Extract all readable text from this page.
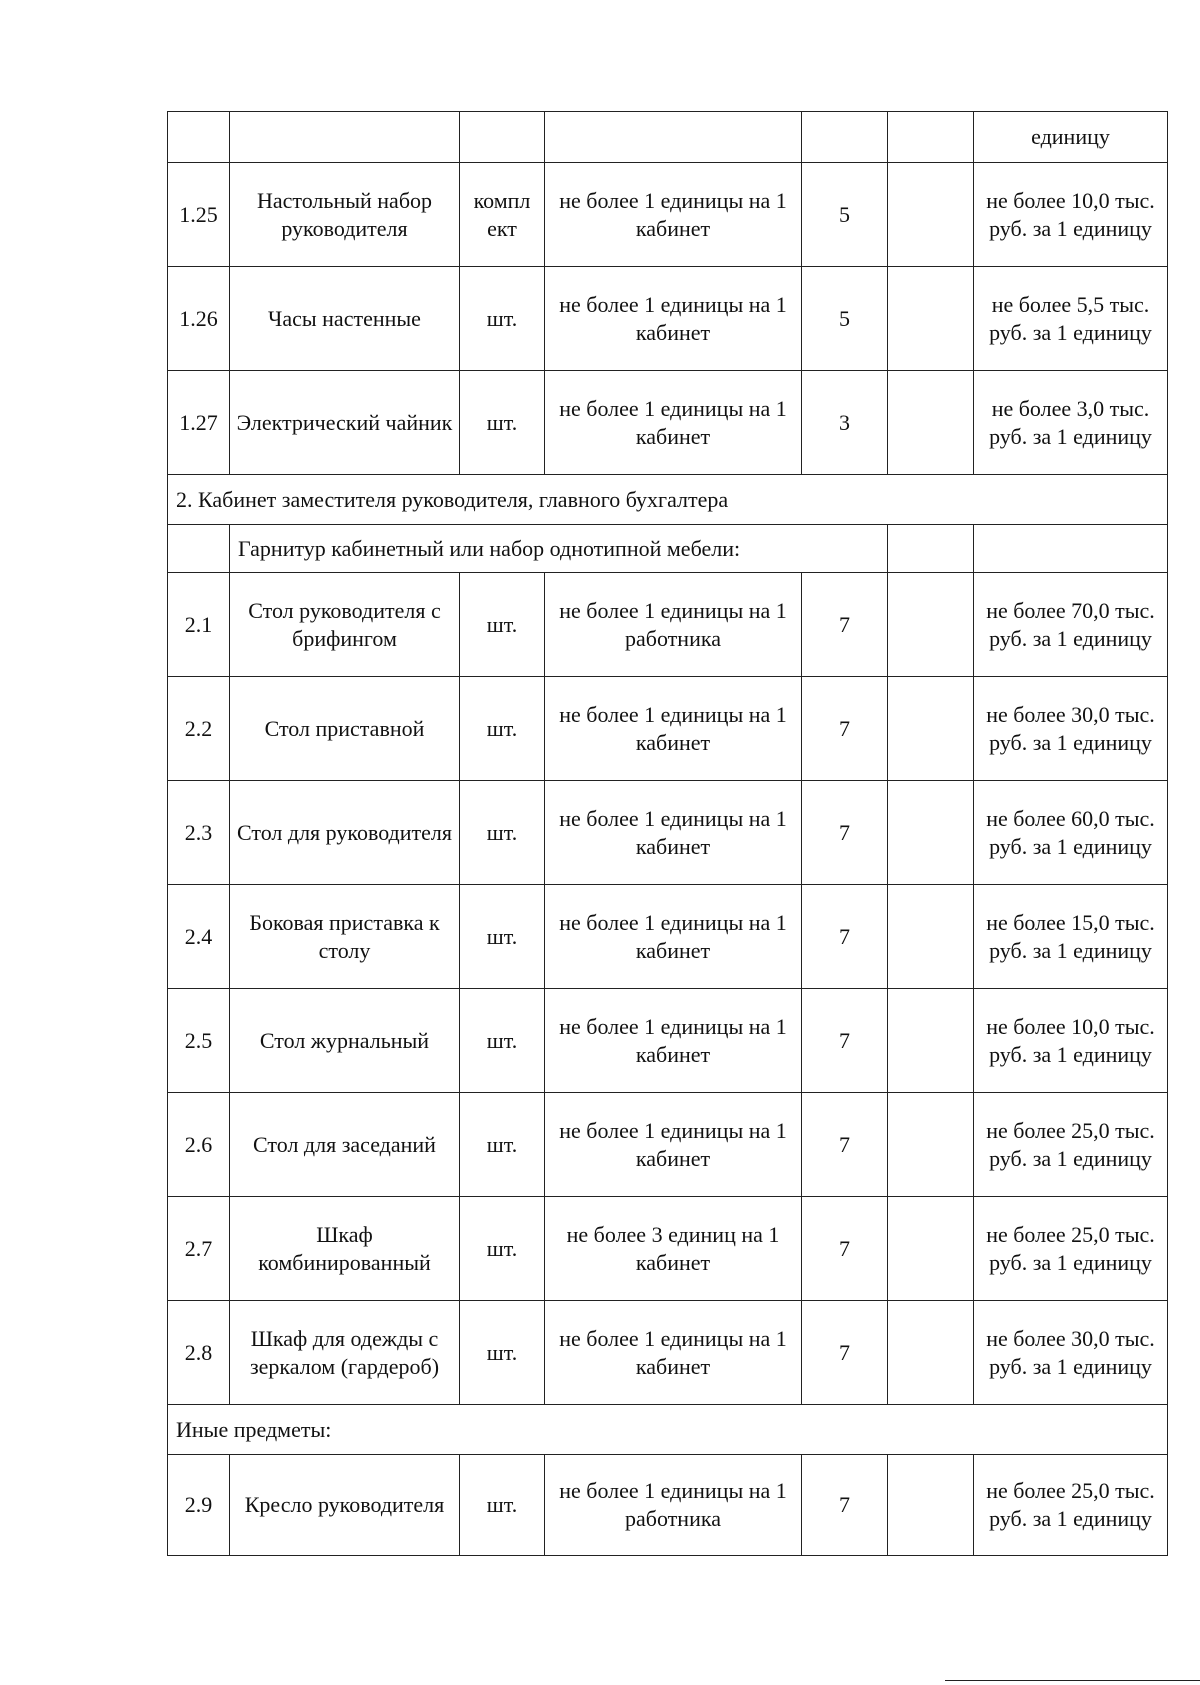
						единицу
1.25	Настольный набор руководителя	компл ект	не более 1 единицы на 1 кабинет	5		не более 10,0 тыс. руб. за 1 единицу
1.26	Часы настенные	шт.	не более 1 единицы на 1 кабинет	5		не более 5,5 тыс. руб. за 1 единицу
1.27	Электрический чайник	шт.	не более 1 единицы на 1 кабинет	3		не более 3,0 тыс. руб. за 1 единицу
2. Кабинет заместителя руководителя, главного бухгалтера						
	Гарнитур кабинетный или набор однотипной мебели:					
2.1	Стол руководителя с брифингом	шт.	не более 1 единицы на 1 работника	7		не более 70,0 тыс. руб. за 1 единицу
2.2	Стол приставной	шт.	не более 1 единицы на 1 кабинет	7		не более 30,0 тыс. руб. за 1 единицу
2.3	Стол для руководителя	шт.	не более 1 единицы на 1 кабинет	7		не более 60,0 тыс. руб. за 1 единицу
2.4	Боковая приставка к столу	шт.	не более 1 единицы на 1 кабинет	7		не более 15,0 тыс. руб. за 1 единицу
2.5	Стол журнальный	шт.	не более 1 единицы на 1 кабинет	7		не более 10,0 тыс. руб. за 1 единицу
2.6	Стол для заседаний	шт.	не более 1 единицы на 1 кабинет	7		не более 25,0 тыс. руб. за 1 единицу
2.7	Шкаф комбинированный	шт.	не более 3 единиц на 1 кабинет	7		не более 25,0 тыс. руб. за 1 единицу
2.8	Шкаф для одежды с зеркалом (гардероб)	шт.	не более 1 единицы на 1 кабинет	7		не более 30,0 тыс. руб. за 1 единицу
Иные предметы:						
2.9	Кресло руководителя	шт.	не более 1 единицы на 1 работника	7		не более 25,0 тыс. руб. за 1 единицу
